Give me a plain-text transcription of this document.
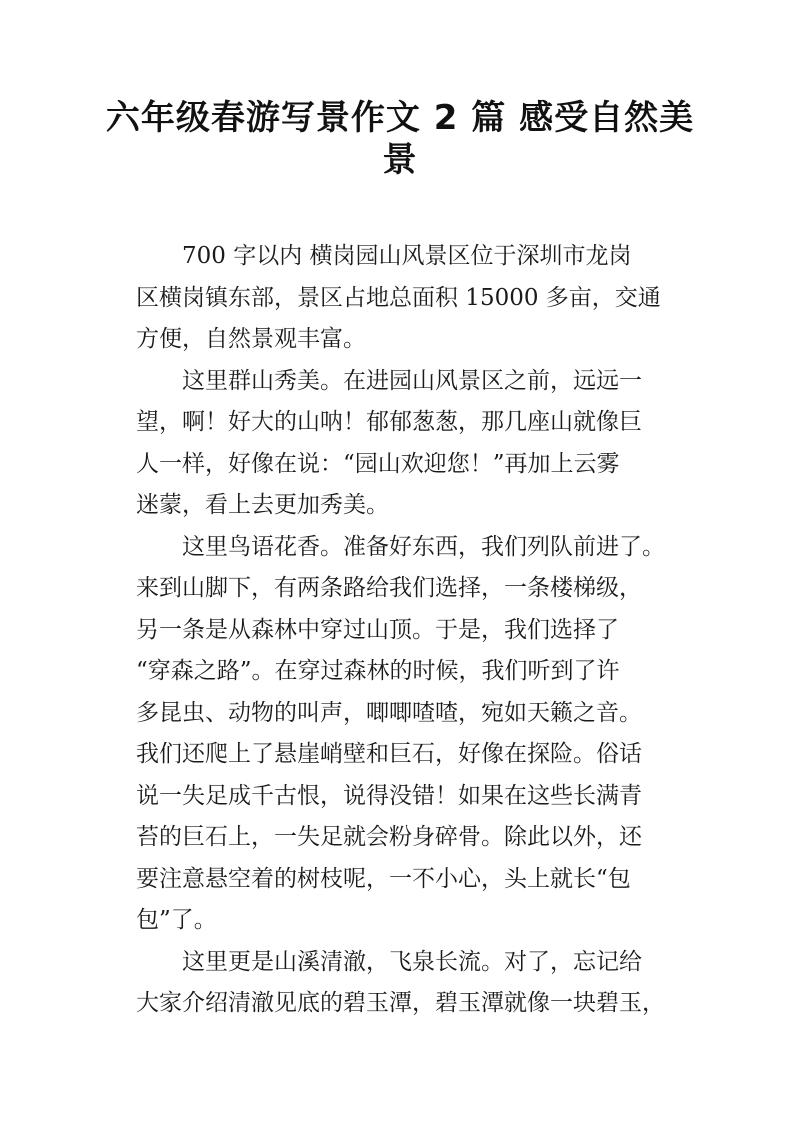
六年级春游写景作文 2 篇 感受自然美
景

700 字以内 横岗园山风景区位于深圳市龙岗
区横岗镇东部，景区占地总面积 15000 多亩，交通
方便，自然景观丰富。

这里群山秀美。在进园山风景区之前，远远一
望，啊！好大的山呐！郁郁葱葱，那几座山就像巨
人一样，好像在说：“园山欢迎您！”再加上云雾
迷蒙，看上去更加秀美。

这里鸟语花香。准备好东西，我们列队前进了。
来到山脚下，有两条路给我们选择，一条楼梯级，
另一条是从森林中穿过山顶。于是，我们选择了
“穿森之路”。在穿过森林的时候，我们听到了许
多昆虫、动物的叫声，唧唧喳喳，宛如天籁之音。
我们还爬上了悬崖峭壁和巨石，好像在探险。俗话
说一失足成千古恨，说得没错！如果在这些长满青
苔的巨石上，一失足就会粉身碎骨。除此以外，还
要注意悬空着的树枝呢，一不小心，头上就长“包
包”了。

这里更是山溪清澈，飞泉长流。对了，忘记给
大家介绍清澈见底的碧玉潭，碧玉潭就像一块碧玉，
